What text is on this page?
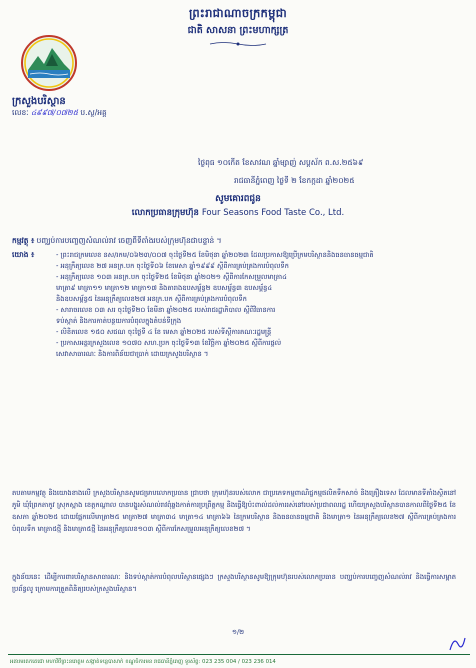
ព្រះរាជាណាចក្រកម្ពុជា
ជាតិ សាសនា ព្រះមហាក្សត្រ
ក្រសួងបរិស្ថាន
លេខៈ ៤៩៩៧/០៧២៥ ប.ស្ថ/អគ្គ
ថ្ងៃពុធ ១០កើត ខែសាវណ ឆ្នាំម្សាញ់ សប្តស័ក ព.ស.២៥៦៩
រាជធានីភ្នំពេញ ថ្ងៃទី ២ ខែកក្កដា ឆ្នាំ២០២៥
សូមគោរពជូន
លោកប្រធានក្រុមហ៊ុន Four Seasons Food Taste Co., Ltd.
កម្មវត្ថុ ៖ បញ្ឈប់ការបញ្ចេញសំណល់រាវ ចេញពីទីតាំងរបស់ក្រុមហ៊ុនជាបន្ទាន់ ។
យោង ៖	- ព្រះរាជក្រមលេខ នស/រកម/០៦២៣/០០៧ ចុះថ្ងៃទី២៥ ខែមិថុនា ឆ្នាំ២០២៣ ដែលប្រកាសឱ្យប្រើក្រមបរិស្ថាននិងធនធានធម្មជាតិ
- អនុក្រឹត្យលេខ ២៧ អនក្រ.បក ចុះថ្ងៃទី០៦ ខែមេសា ឆ្នាំ១៩៩៩ ស្តីពីការគ្រប់គ្រងការបំពុលទឹក
- អនុក្រឹត្យលេខ ១០៣ អនក្រ.បក ចុះថ្ងៃទី២៥ ខែមិថុនា ឆ្នាំ២០២១ ស្តីពីការកែសម្រួលមាត្រា៤
មាត្រា៩ មាត្រា១១ មាត្រា១២ មាត្រា១៧ និងតារាងឧបសម្ព័ន្ធ២ ឧបសម្ព័ន្ធ៣ ឧបសម្ព័ន្ធ៤
និងឧបសម្ព័ន្ធ៥ នៃអនុក្រឹត្យលេខ២៧ អនក្រ.បក ស្តីពីការគ្រប់គ្រងការបំពុលទឹក
- សារាចរលេខ ០៣ សរ ចុះថ្ងៃទី២០ ខែមីនា ឆ្នាំ២០២៥ របស់រាជរដ្ឋាភិបាល ស្តីពីវិធានការ
ទប់ស្កាត់ និងការកាត់បន្ថយការបំពុលក្នុងតំបន់ទីក្រុង
- លិខិតលេខ ១៥០ សជណ ចុះថ្ងៃទី ៤ ខែ មេសា ឆ្នាំ២០២៥ របស់ទីស្តីការគណៈរដ្ឋមន្ត្រី
- ប្រកាសអន្តរក្រសួងលេខ ១០៧០ សហ.ប្រក ចុះថ្ងៃទី១៣ ខែវិច្ឆិកា ឆ្នាំ២០២៥ ស្តីពីការផ្តល់
សេវាសាធារណៈ និងការពិន័យជាប្រាក់ ដោយក្រសួងបរិស្ថាន ។
តបតាមកម្មវត្ថុ និងយោងខាងលើ ក្រសួងបរិស្ថានសូមជម្រាបលោកប្រធាន ជ្រាបថា ក្រុមហ៊ុនរបស់លោក ជាប្រភេទកម្មពាណិជ្ជកម្មផលិតទឹកសាច់ និងគ្រឿងទេស ដែលមានទីតាំងស្ថិតនៅភូមិ ឃុំព្រែកតាកូវ ស្រុកស្អាង ខេត្តកណ្តាល បានបង្ហូរសំណល់រាវពុំឆ្លងកាត់ការប្រព្រឹត្តកម្ម និងធ្វើឱ្យប៉ះពាល់ដល់ការរស់នៅរបស់ប្រជាពលរដ្ឋ ហើយក្រសួងបរិស្ថានបានកាលពីថ្ងៃទី២៥ ខែឧសភា ឆ្នាំ២០២៥ ដោយផ្អែកលើមាត្រា២៥ មាត្រា២៧ មាត្រា៣៤ មាត្រា១៤ មាត្រា៦៦ នៃក្រមបរិស្ថាន និងធនធានធម្មជាតិ និងមាត្រា១ នៃអនុក្រឹត្យលេខ២៧ ស្តីពីការគ្រប់គ្រងការបំពុលទឹក មាត្រា៥ថ្មី និងមាត្រា៥ថ្មី នៃអនុក្រឹត្យលេខ១០៣ ស្តីពីការកែសម្រួលអនុក្រឹត្យលេខ២៧ ។
ក្នុងន័យនេះ ដើម្បីការពារបរិស្ថានសាធារណៈ និងទប់ស្កាត់ការបំពុលបរិស្ថានផ្សេងៗ ក្រសួងបរិស្ថានសូមឱ្យក្រុមហ៊ុនរបស់លោកប្រធាន បញ្ឈប់ការបញ្ចេញសំណល់រាវ និងធ្វើការសម្អាតប្រព័ន្ធលូ ក្រោមការត្រួតពិនិត្យរបស់ក្រសួងបរិស្ថាន។
១/២
អគារមរតកតេជោ មហាវិថីព្រះនរោត្តម សង្កាត់ទន្លេបាសាក់ ខណ្ឌចំការមន រាជធានីភ្នំពេញ ទូរស័ព្ទ: 023 235 004 / 023 236 014
